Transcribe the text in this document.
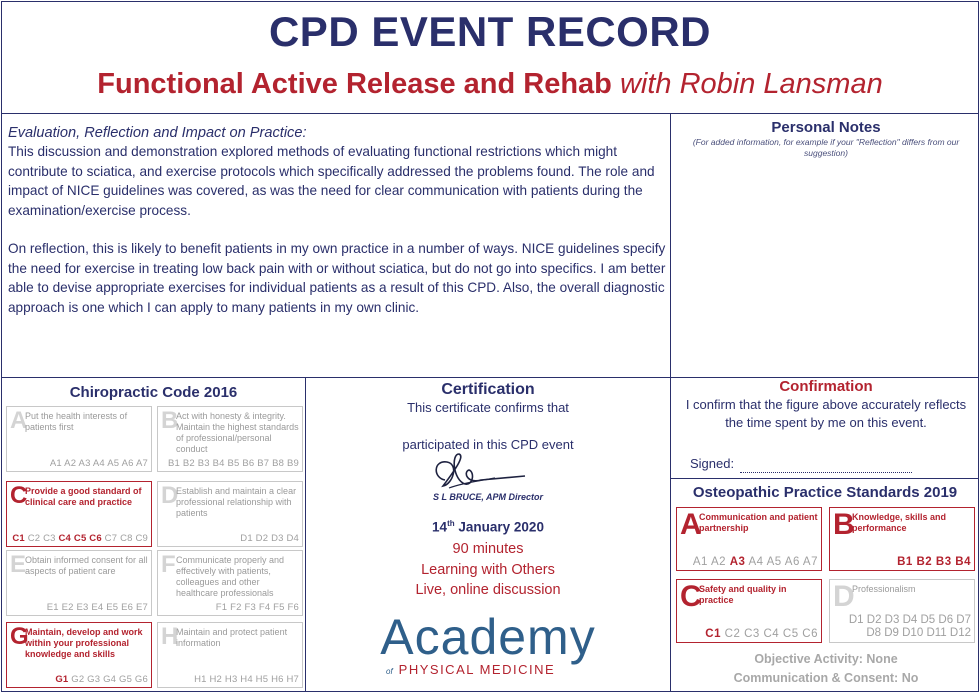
CPD EVENT RECORD
Functional Active Release and Rehab with Robin Lansman
Evaluation, Reflection and Impact on Practice:

This discussion and demonstration explored methods of evaluating functional restrictions which might contribute to sciatica, and exercise protocols which specifically addressed the problems found. The role and impact of NICE guidelines was covered, as was the need for clear communication with patients during the examination/exercise process.

On reflection, this is likely to benefit patients in my own practice in a number of ways. NICE guidelines specify the need for exercise in treating low back pain with or without sciatica, but do not go into specifics. I am better able to devise appropriate exercises for individual patients as a result of this CPD. Also, the overall diagnostic approach is one which I can apply to many patients in my own clinic.

Personal Notes
(For added information, for example if your "Reflection" differs from our suggestion)
Chiropractic Code 2016
A
Put the health interests of patients first
A1 A2 A3 A4 A5 A6 A7
B
Act with honesty & integrity. Maintain the highest standards of professional/personal conduct
B1 B2 B3 B4 B5 B6 B7 B8 B9
C
Provide a good standard of clinical care and practice
C1 C2 C3 C4 C5 C6 C7 C8 C9
D
Establish and maintain a clear professional relationship with patients
D1 D2 D3 D4
E
Obtain informed consent for all aspects of patient care
E1 E2 E3 E4 E5 E6 E7
F Communicate properly and effectively with patients, colleagues and other healthcare professionals
F1 F2 F3 F4 F5 F6
G
Maintain, develop and work within your professional knowledge and skills
G1 G2 G3 G4 G5 G6
H
Maintain and protect patient information
H1 H2 H3 H4 H5 H6 H7
Certification
This certificate confirms that
participated in this CPD event
S L BRUCE, APM Director
14th January 2020
90 minutes
Learning with Others
Live, online discussion
Academy
of PHYSICAL MEDICINE
Confirmation
I confirm that the figure above accurately reflects the time spent by me on this event.
Signed:
Osteopathic Practice Standards 2019
A
Communication and patient partnership
A1 A2 A3 A4 A5 A6 A7
B
Knowledge, skills and performance
B1 B2 B3 B4
C
Safety and quality in practice
C1 C2 C3 C4 C5 C6
D
Professionalism
D1 D2 D3 D4 D5 D6 D7 D8 D9 D10 D11 D12
Objective Activity: None
Communication & Consent: No
